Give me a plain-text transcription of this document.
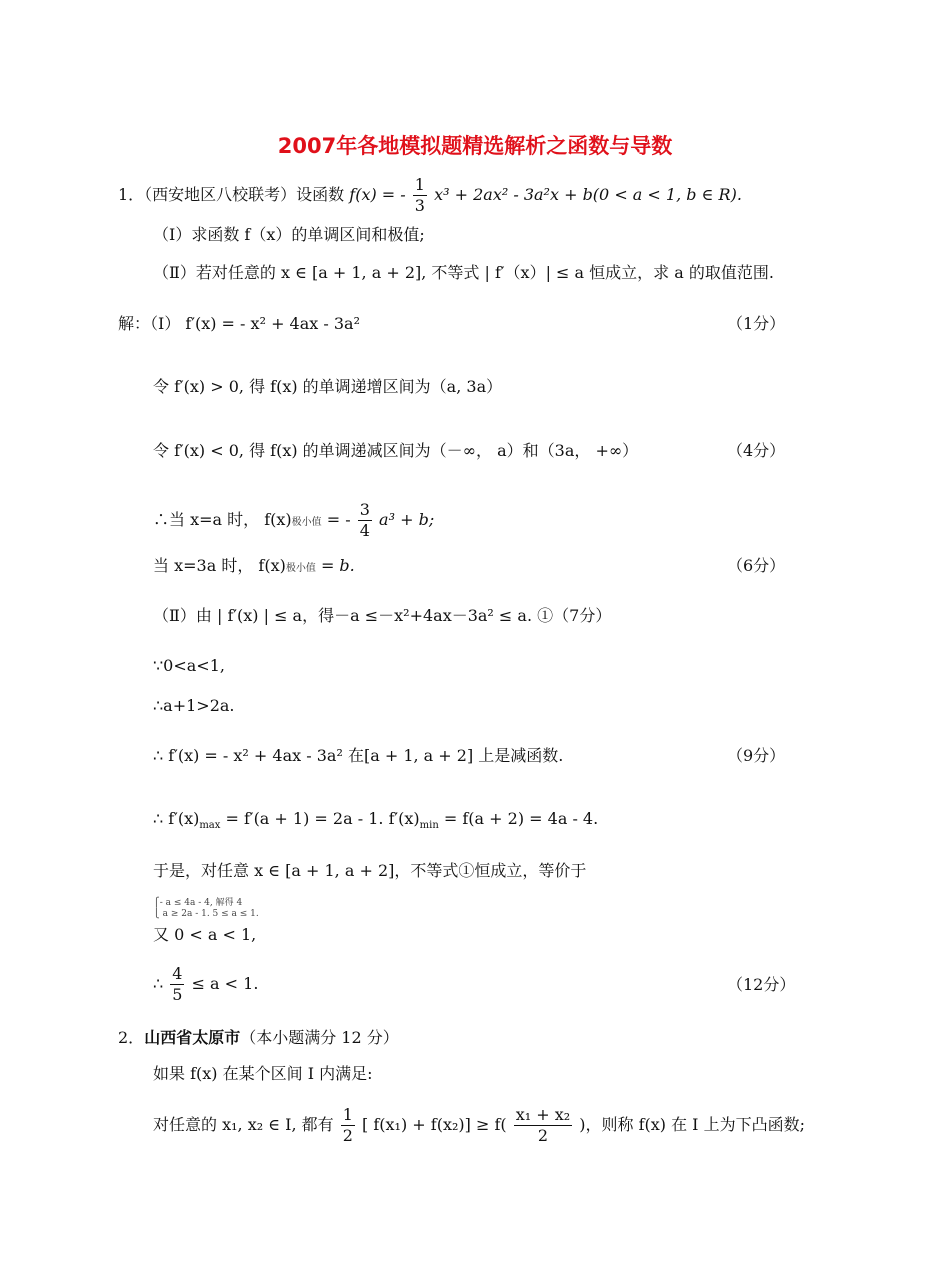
2007年各地模拟题精选解析之函数与导数
1．（西安地区八校联考）设函数 f(x) = - $\frac{1}{3} x^3 + 2ax^2 - 3a^2x + b(0 < a < 1$, b ∈ R).
（Ⅰ）求函数 f（x）的单调区间和极值;
（Ⅱ）若对任意的 x ∈ [a + 1, a + 2], 不等式 | f′（x）| ≤ a 恒成立，求 a 的取值范围.
解：（Ⅰ） f′(x) = - x² + 4ax - 3a²	（1分）
令 f′(x) > 0, 得 f(x) 的单调递增区间为（a, 3a）
令 f′(x) < 0, 得 f(x) 的单调递减区间为（－∞， a）和（3a， +∞）	（4分）
∴当 x=a 时， f(x)极小值 = - $\frac{3}{4} a^3 + b$;
当 x=3a 时， f(x)极小值 = b.	（6分）
（Ⅱ）由 | f′(x) | ≤ a，得－a ≤－x²+4ax－3a² ≤ a. ①（7分）
∵0<a<1,
∴a+1>2a.
∴ f′(x) = - x² + 4ax - 3a² 在[a + 1, a + 2] 上是减函数.	（9分）
∴ $f'(x)_{max} = f'(a + 1) = 2a - 1$. $f'(x)_{min} = f(a + 2) = 4a - 4$.
于是，对任意 x ∈ [a + 1, a + 2]，不等式①恒成立，等价于
⎧- a ≤ 4a - 4, 解得 4
⎩ a ≥ 2a - 1. 5 ≤ a ≤ 1.
又 0 < a < 1,
∴ $\frac{4}{5} \le a < 1$.	（12分）
2．山西省太原市（本小题满分 12 分）
如果 f(x) 在某个区间 I 内满足:
对任意的 x₁, x₂ ∈ I, 都有 $\frac{1}{2}$ [ $f(x_1) + f(x_2)] \ge f( \frac{\text{x₁ + x₂}}{2}$ )，则称 f(x) 在 I 上为下凸函数;
